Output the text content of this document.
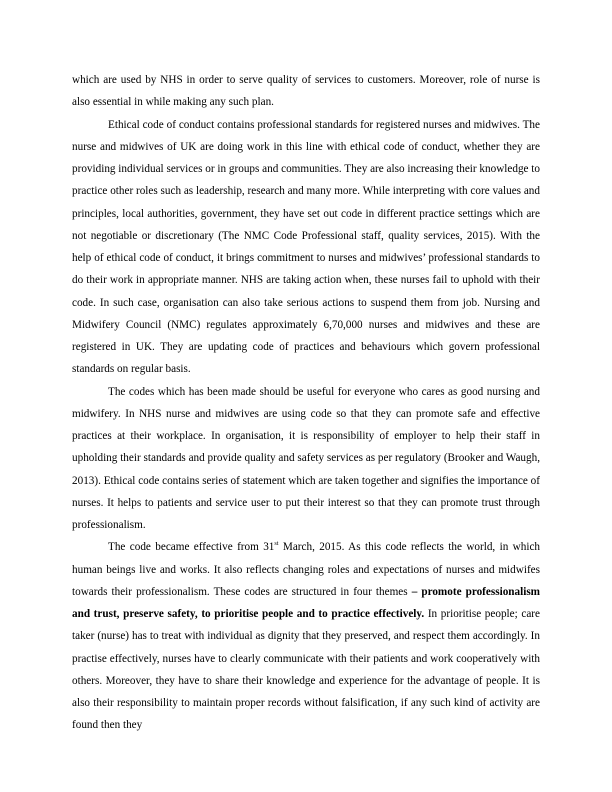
which are used by NHS in order to serve quality of services to customers. Moreover, role of nurse is also essential in while making any such plan.

Ethical code of conduct contains professional standards for registered nurses and midwives. The nurse and midwives of UK are doing work in this line with ethical code of conduct, whether they are providing individual services or in groups and communities. They are also increasing their knowledge to practice other roles such as leadership, research and many more. While interpreting with core values and principles, local authorities, government, they have set out code in different practice settings which are not negotiable or discretionary (The NMC Code Professional staff, quality services, 2015). With the help of ethical code of conduct, it brings commitment to nurses and midwives’ professional standards to do their work in appropriate manner. NHS are taking action when, these nurses fail to uphold with their code. In such case, organisation can also take serious actions to suspend them from job. Nursing and Midwifery Council (NMC) regulates approximately 6,70,000 nurses and midwives and these are registered in UK. They are updating code of practices and behaviours which govern professional standards on regular basis.

The codes which has been made should be useful for everyone who cares as good nursing and midwifery. In NHS nurse and midwives are using code so that they can promote safe and effective practices at their workplace. In organisation, it is responsibility of employer to help their staff in upholding their standards and provide quality and safety services as per regulatory (Brooker and Waugh, 2013). Ethical code contains series of statement which are taken together and signifies the importance of nurses. It helps to patients and service user to put their interest so that they can promote trust through professionalism.

The code became effective from 31st March, 2015. As this code reflects the world, in which human beings live and works. It also reflects changing roles and expectations of nurses and midwifes towards their professionalism. These codes are structured in four themes – promote professionalism and trust, preserve safety, to prioritise people and to practice effectively. In prioritise people; care taker (nurse) has to treat with individual as dignity that they preserved, and respect them accordingly. In practise effectively, nurses have to clearly communicate with their patients and work cooperatively with others. Moreover, they have to share their knowledge and experience for the advantage of people. It is also their responsibility to maintain proper records without falsification, if any such kind of activity are found then they
